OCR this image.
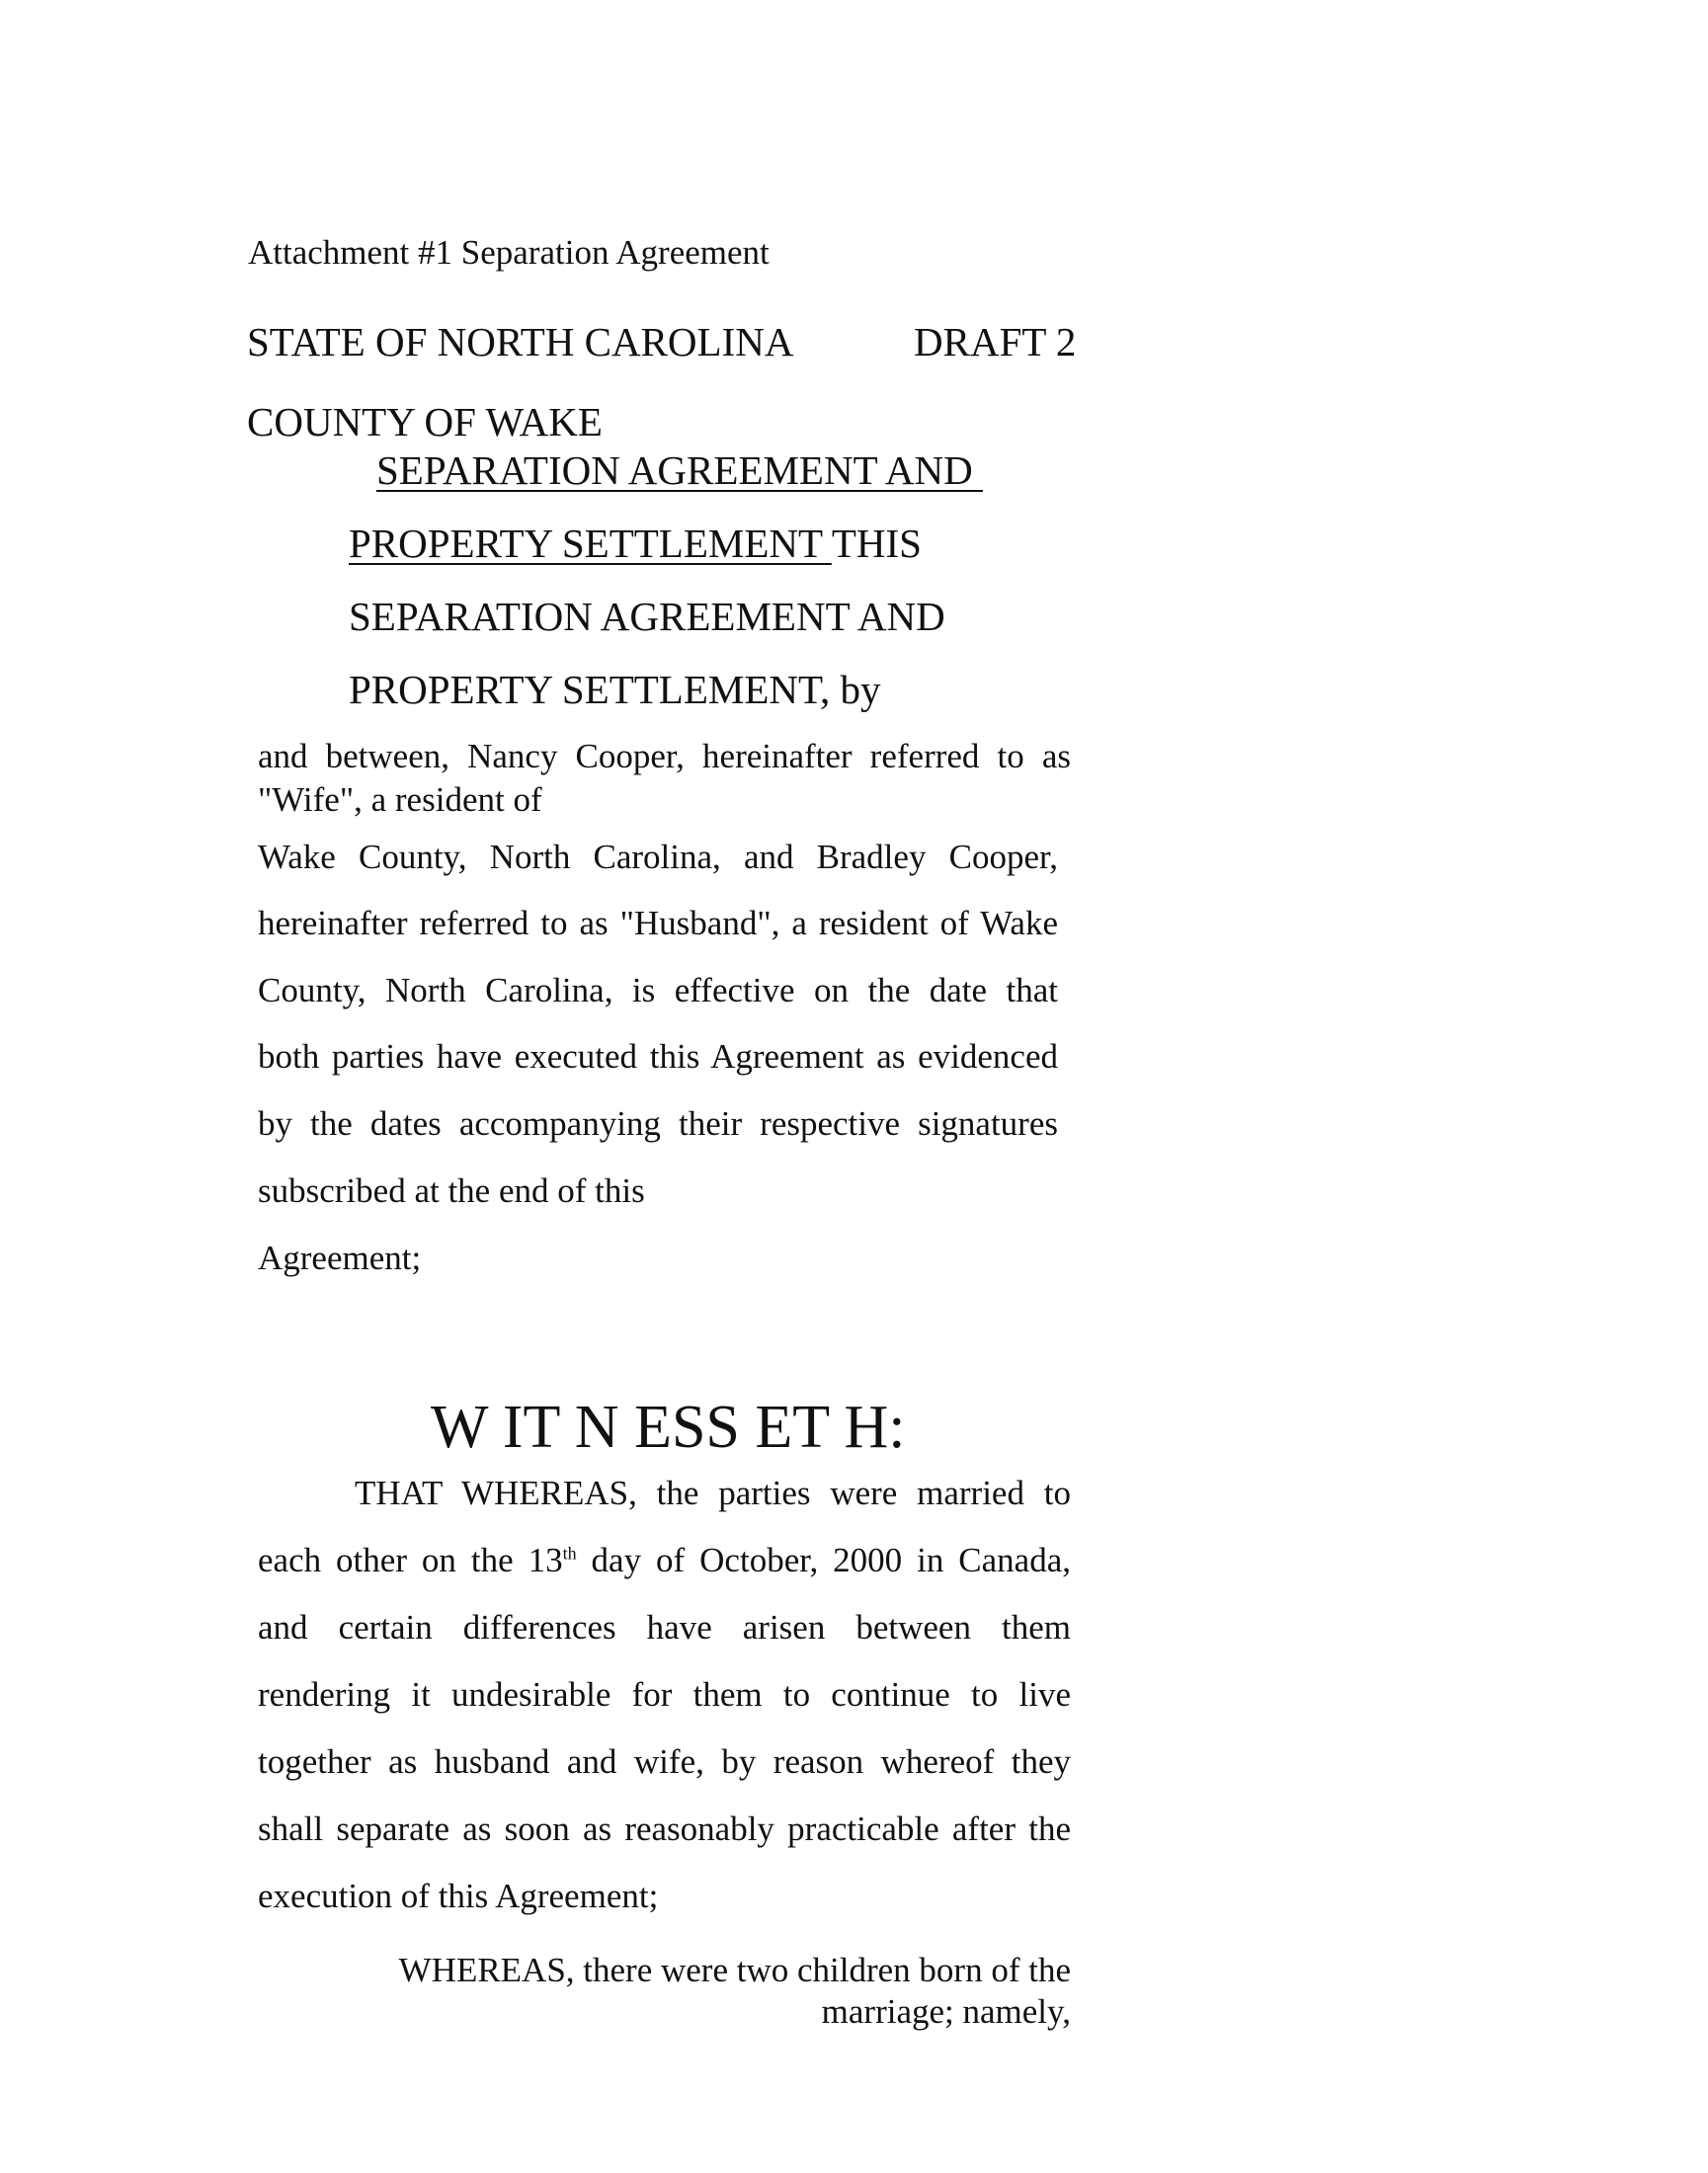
Attachment #1 Separation Agreement
STATE OF NORTH CAROLINA	DRAFT 2
COUNTY OF WAKE
SEPARATION AGREEMENT AND
PROPERTY SETTLEMENT THIS
SEPARATION AGREEMENT AND
PROPERTY SETTLEMENT, by
and between, Nancy Cooper, hereinafter referred to as
"Wife", a resident of
Wake County, North Carolina, and Bradley Cooper,
hereinafter referred to as "Husband", a resident of Wake
County, North Carolina, is effective on the date that
both parties have executed this Agreement as evidenced
by the dates accompanying their respective signatures
subscribed at the end of this
Agreement;
W IT N ESS ET H:
THAT WHEREAS, the parties were married to
each other on the 13th day of October, 2000 in Canada,
and certain differences have arisen between them
rendering it undesirable for them to continue to live
together as husband and wife, by reason whereof they
shall separate as soon as reasonably practicable after the
execution of this Agreement;
WHEREAS, there were two children born of the
marriage; namely,
